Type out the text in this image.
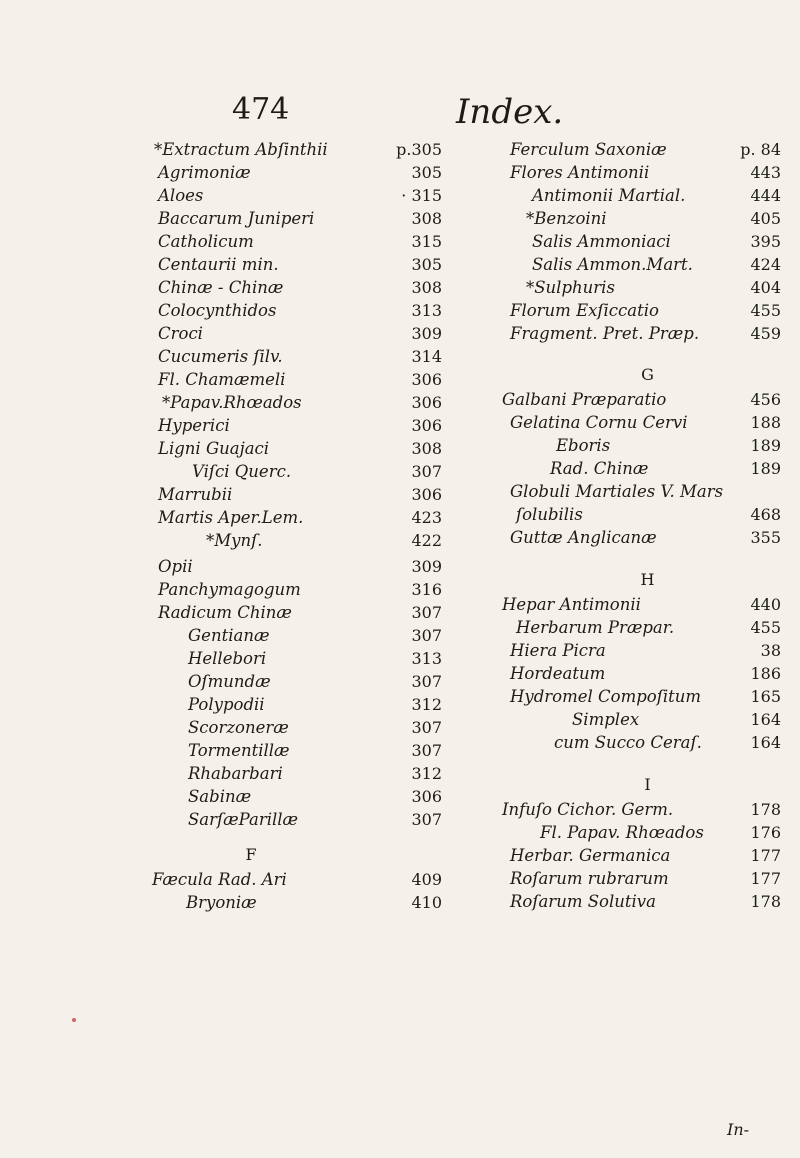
474	Index.
*Extractum Abſinthii	p.305
Agrimoniæ	305
Aloes	· 315
Baccarum Juniperi	308
Catholicum	315
Centaurii min.	305
Chinæ - Chinæ	308
Colocynthidos	313
Croci	309
Cucumeris ſilv.	314
Fl. Chamæmeli	306
*Papav.Rhœados	306
Hyperici	306
Ligni Guajaci	308
Viſci Querc.	307
Marrubii	306
Martis Aper.Lem.	423
*Mynſ.	422
Opii	309
Panchymagogum	316
Radicum Chinæ	307
Gentianæ	307
Hellebori	313
Oſmundæ	307
Polypodii	312
Scorzoneræ	307
Tormentillæ	307
Rhabarbari	312
Sabinæ	306
SarſæParillæ	307
F
Fæcula Rad. Ari	409
Bryoniæ	410
Ferculum Saxoniæ	p. 84
Flores Antimonii	443
Antimonii Martial.	444
*Benzoini	405
Salis Ammoniaci	395
Salis Ammon.Mart.	424
*Sulphuris	404
Florum Exſiccatio	455
Fragment. Pret. Præp.	459
G
Galbani Præparatio	456
Gelatina Cornu Cervi	188
Eboris	189
Rad. Chinæ	189
Globuli Martiales V. Mars
ſolubilis	468
Guttæ Anglicanæ	355
H
Hepar Antimonii	440
Herbarum Præpar.	455
Hiera Picra	38
Hordeatum	186
Hydromel Compoſitum	165
Simplex	164
cum Succo Ceraſ.	164
I
Infuſo Cichor. Germ.	178
Fl. Papav. Rhœados	176
Herbar. Germanica	177
Roſarum rubrarum	177
Roſarum Solutiva	178
In-
